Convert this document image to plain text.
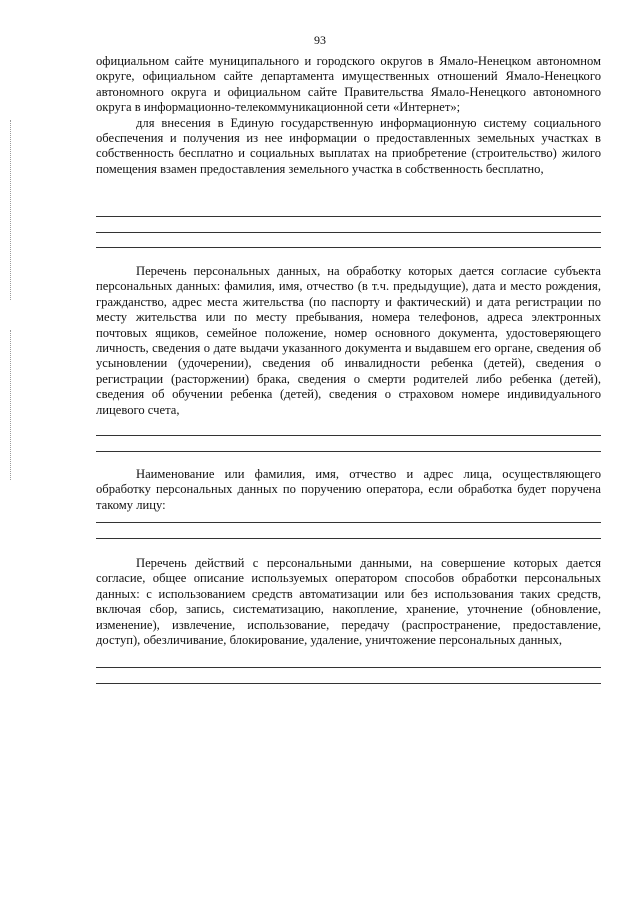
93

официальном сайте муниципального и городского округов в Ямало-Ненецком автономном округе, официальном сайте департамента имущественных отношений Ямало-Ненецкого автономного округа и официальном сайте Правительства Ямало-Ненецкого автономного округа в информационно-телекоммуникационной сети «Интернет»;

для внесения в Единую государственную информационную систему социального обеспечения и получения из нее информации о предоставленных земельных участках в собственность бесплатно и социальных выплатах на приобретение (строительство) жилого помещения взамен предоставления земельного участка в собственность бесплатно,

Перечень персональных данных, на обработку которых дается согласие субъекта персональных данных: фамилия, имя, отчество (в т.ч. предыдущие), дата и место рождения, гражданство, адрес места жительства (по паспорту и фактический) и дата регистрации по месту жительства или по месту пребывания, номера телефонов, адреса электронных почтовых ящиков, семейное положение, номер основного документа, удостоверяющего личность, сведения о дате выдачи указанного документа и выдавшем его органе, сведения об усыновлении (удочерении), сведения об инвалидности ребенка (детей), сведения о регистрации (расторжении) брака, сведения о смерти родителей либо ребенка (детей), сведения об обучении ребенка (детей), сведения о страховом номере индивидуального лицевого счета,

Наименование или фамилия, имя, отчество и адрес лица, осуществляющего обработку персональных данных по поручению оператора, если обработка будет поручена такому лицу:

Перечень действий с персональными данными, на совершение которых дается согласие, общее описание используемых оператором способов обработки персональных данных: с использованием средств автоматизации или без использования таких средств, включая сбор, запись, систематизацию, накопление, хранение, уточнение (обновление, изменение), извлечение, использование, передачу (распространение, предоставление, доступ), обезличивание, блокирование, удаление, уничтожение персональных данных,
